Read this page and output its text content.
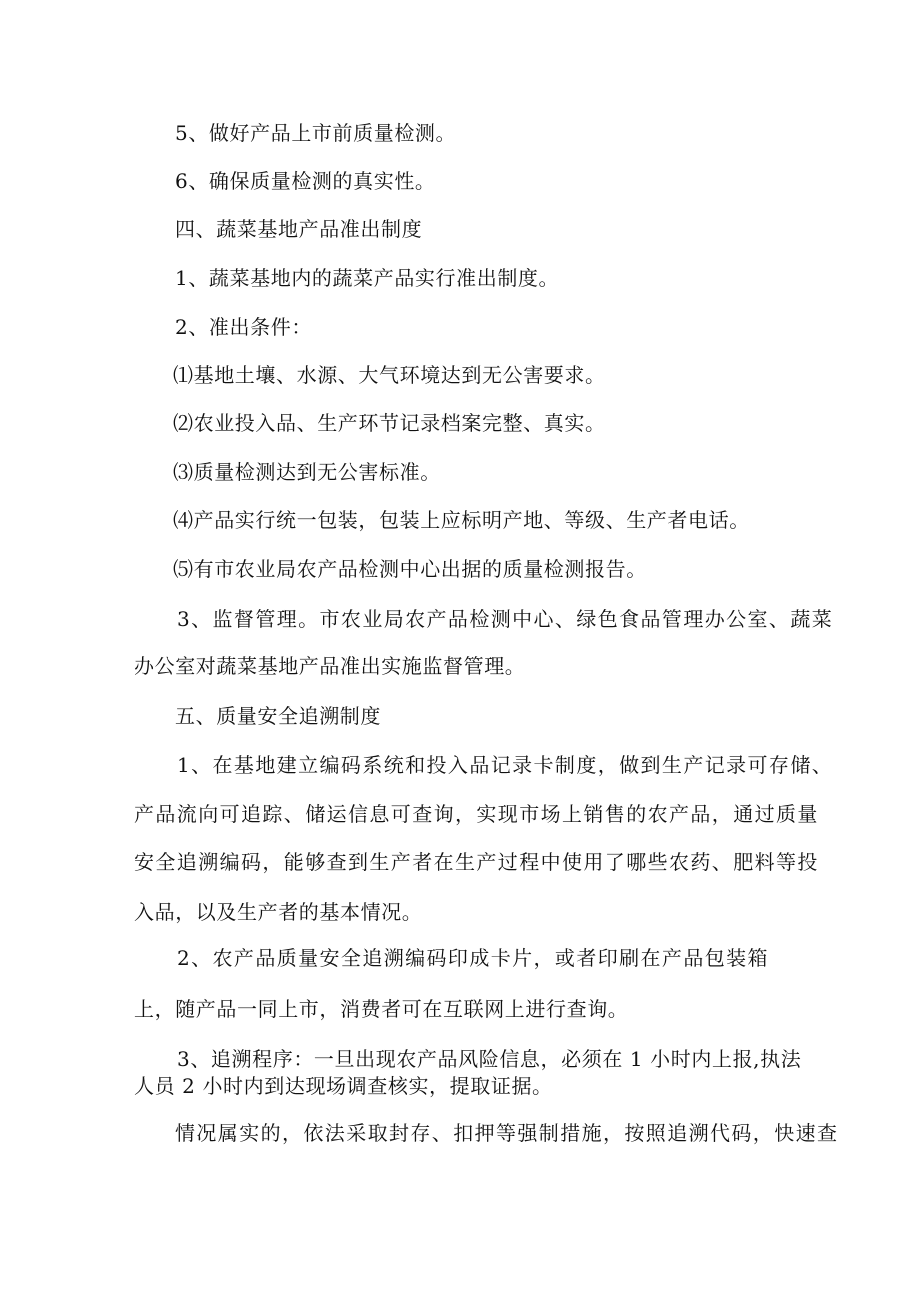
5、做好产品上市前质量检测。
6、确保质量检测的真实性。
四、蔬菜基地产品准出制度
1、蔬菜基地内的蔬菜产品实行准出制度。
2、准出条件：
⑴基地土壤、水源、大气环境达到无公害要求。
⑵农业投入品、生产环节记录档案完整、真实。
⑶质量检测达到无公害标准。
⑷产品实行统一包装，包装上应标明产地、等级、生产者电话。
⑸有市农业局农产品检测中心出据的质量检测报告。
3、监督管理。市农业局农产品检测中心、绿色食品管理办公室、蔬菜
办公室对蔬菜基地产品准出实施监督管理。
五、质量安全追溯制度
1、在基地建立编码系统和投入品记录卡制度，做到生产记录可存储、
产品流向可追踪、储运信息可查询，实现市场上销售的农产品，通过质量
安全追溯编码，能够查到生产者在生产过程中使用了哪些农药、肥料等投
入品，以及生产者的基本情况。
2、农产品质量安全追溯编码印成卡片，或者印刷在产品包装箱
上，随产品一同上市，消费者可在互联网上进行查询。
3、追溯程序：一旦出现农产品风险信息，必须在 1 小时内上报,执法
人员 2 小时内到达现场调查核实，提取证据。
情况属实的，依法采取封存、扣押等强制措施，按照追溯代码，快速查
